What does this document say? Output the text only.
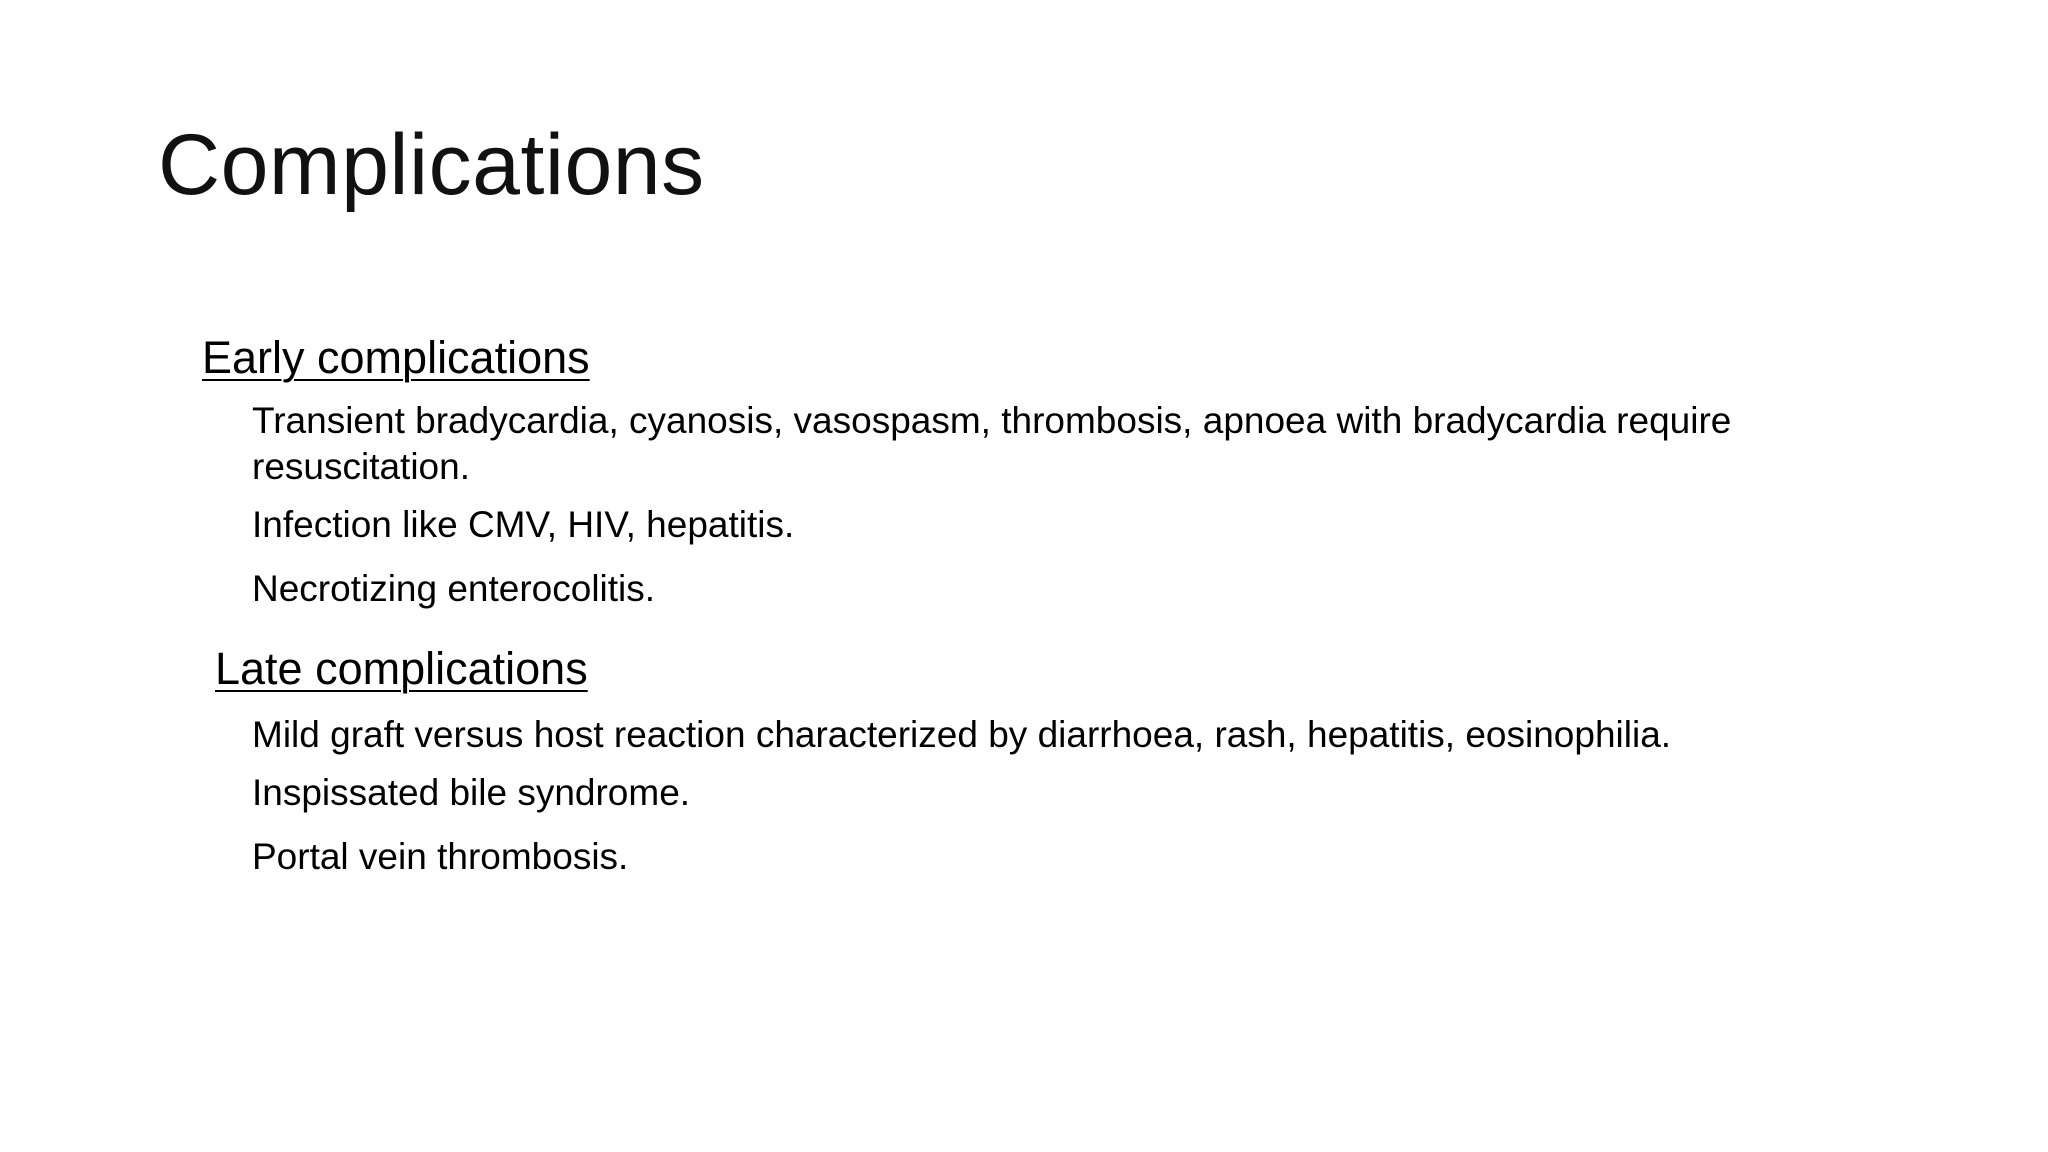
Complications
Early complications

Transient bradycardia, cyanosis, vasospasm, thrombosis, apnoea with bradycardia require resuscitation.

Infection like CMV, HIV, hepatitis.

Necrotizing enterocolitis.

Late complications

Mild graft versus host reaction characterized by diarrhoea, rash, hepatitis, eosinophilia.

Inspissated bile syndrome.

Portal vein thrombosis.
